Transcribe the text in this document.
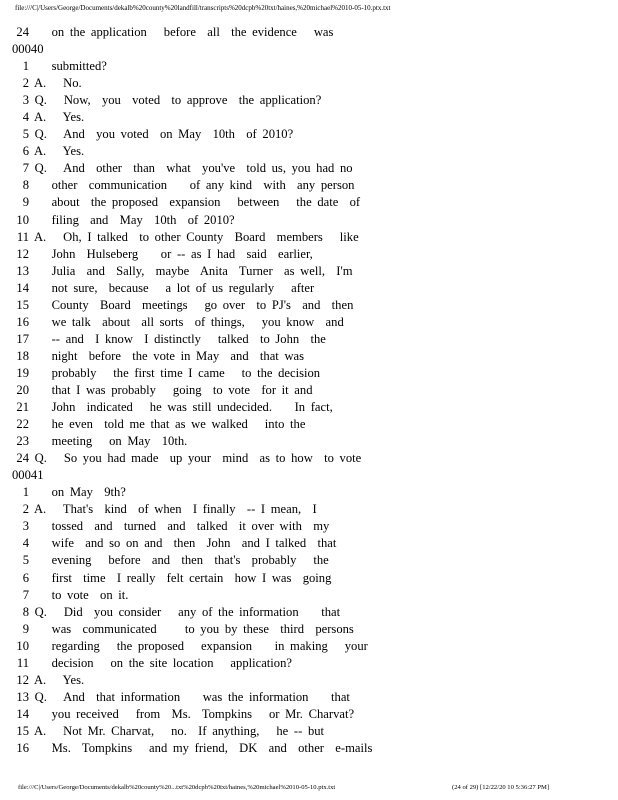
file:///C|/Users/George/Documents/dekalb%20county%20landfill/transcripts%20dcpb%20txt/haines,%20michael%2010-05-10.ptx.txt
24    on the application   before  all  the evidence   was
00040
1    submitted?
2 A.   No.
3 Q.   Now,  you  voted  to approve  the application?
4 A.   Yes.
5 Q.   And  you voted  on May  10th  of 2010?
6 A.   Yes.
7 Q.   And  other  than  what  you've  told us, you had no
8    other  communication    of any kind  with  any person
9    about  the proposed  expansion   between   the date  of
10    filing  and  May  10th  of 2010?
11 A.   Oh, I talked  to other County  Board  members   like
12    John  Hulseberg    or -- as I had  said  earlier,
13    Julia  and  Sally,  maybe  Anita  Turner  as well,  I'm
14    not sure,  because   a lot of us regularly   after
15    County  Board  meetings   go over  to PJ's  and  then
16    we talk  about  all sorts  of things,   you know  and
17    -- and  I know  I distinctly   talked  to John  the
18    night  before  the vote in May  and  that was
19    probably   the first time I came   to the decision
20    that I was probably   going  to vote  for it and
21    John  indicated   he was still undecided.    In fact,
22    he even  told me that as we walked   into the
23    meeting   on May  10th.
24 Q.   So you had made  up your  mind  as to how  to vote
00041
1    on May  9th?
2 A.   That's  kind  of when  I finally  -- I mean,  I
3    tossed  and  turned  and  talked  it over with  my
4    wife  and so on and  then  John  and I talked  that
5    evening   before  and  then  that's  probably   the
6    first  time  I really  felt certain  how I was  going
7    to vote  on it.
8 Q.   Did  you consider   any of the information    that
9    was  communicated     to you by these  third  persons
10    regarding   the proposed   expansion    in making   your
11    decision   on the site location   application?
12 A.   Yes.
13 Q.   And  that information    was the information    that
14    you received   from  Ms.  Tompkins   or Mr. Charvat?
15 A.   Not Mr. Charvat,   no.  If anything,   he -- but
16    Ms.  Tompkins   and my friend,  DK  and  other  e-mails
file:///C|/Users/George/Documents/dekalb%20county%20...txt%20dcpb%20txt/haines,%20michael%2010-05-10.ptx.txt	(24 of 29) [12/22/20 10 5:36:27 PM]
